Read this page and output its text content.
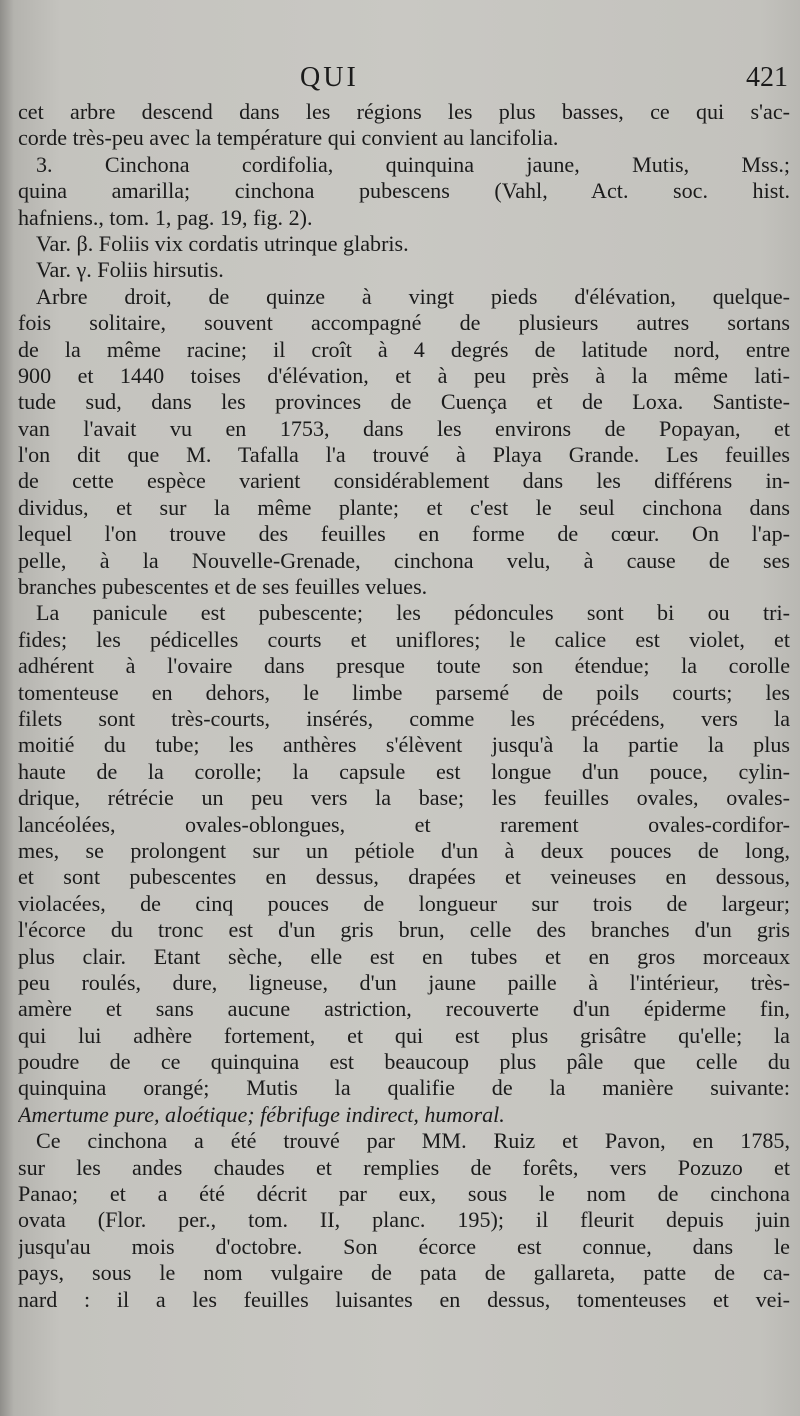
QUI	421
cet arbre descend dans les régions les plus basses, ce qui s'ac-
corde très-peu avec la température qui convient au lancifolia.
3. Cinchona cordifolia, quinquina jaune, Mutis, Mss.;
quina amarilla; cinchona pubescens (Vahl, Act. soc. hist.
hafniens., tom. 1, pag. 19, fig. 2).
Var. β. Foliis vix cordatis utrinque glabris.
Var. γ. Foliis hirsutis.
Arbre droit, de quinze à vingt pieds d'élévation, quelque-
fois solitaire, souvent accompagné de plusieurs autres sortans
de la même racine; il croît à 4 degrés de latitude nord, entre
900 et 1440 toises d'élévation, et à peu près à la même lati-
tude sud, dans les provinces de Cuença et de Loxa. Santiste-
van l'avait vu en 1753, dans les environs de Popayan, et
l'on dit que M. Tafalla l'a trouvé à Playa Grande. Les feuilles
de cette espèce varient considérablement dans les différens in-
dividus, et sur la même plante; et c'est le seul cinchona dans
lequel l'on trouve des feuilles en forme de cœur. On l'ap-
pelle, à la Nouvelle-Grenade, cinchona velu, à cause de ses
branches pubescentes et de ses feuilles velues.
La panicule est pubescente; les pédoncules sont bi ou tri-
fides; les pédicelles courts et uniflores; le calice est violet, et
adhérent à l'ovaire dans presque toute son étendue; la corolle
tomenteuse en dehors, le limbe parsemé de poils courts; les
filets sont très-courts, insérés, comme les précédens, vers la
moitié du tube; les anthères s'élèvent jusqu'à la partie la plus
haute de la corolle; la capsule est longue d'un pouce, cylin-
drique, rétrécie un peu vers la base; les feuilles ovales, ovales-
lancéolées, ovales-oblongues, et rarement ovales-cordifor-
mes, se prolongent sur un pétiole d'un à deux pouces de long,
et sont pubescentes en dessus, drapées et veineuses en dessous,
violacées, de cinq pouces de longueur sur trois de largeur;
l'écorce du tronc est d'un gris brun, celle des branches d'un gris
plus clair. Etant sèche, elle est en tubes et en gros morceaux
peu roulés, dure, ligneuse, d'un jaune paille à l'intérieur, très-
amère et sans aucune astriction, recouverte d'un épiderme fin,
qui lui adhère fortement, et qui est plus grisâtre qu'elle; la
poudre de ce quinquina est beaucoup plus pâle que celle du
quinquina orangé; Mutis la qualifie de la manière suivante:
Amertume pure, aloétique; fébrifuge indirect, humoral.
Ce cinchona a été trouvé par MM. Ruiz et Pavon, en 1785,
sur les andes chaudes et remplies de forêts, vers Pozuzo et
Panao; et a été décrit par eux, sous le nom de cinchona
ovata (Flor. per., tom. II, planc. 195); il fleurit depuis juin
jusqu'au mois d'octobre. Son écorce est connue, dans le
pays, sous le nom vulgaire de pata de gallareta, patte de ca-
nard : il a les feuilles luisantes en dessus, tomenteuses et vei-
